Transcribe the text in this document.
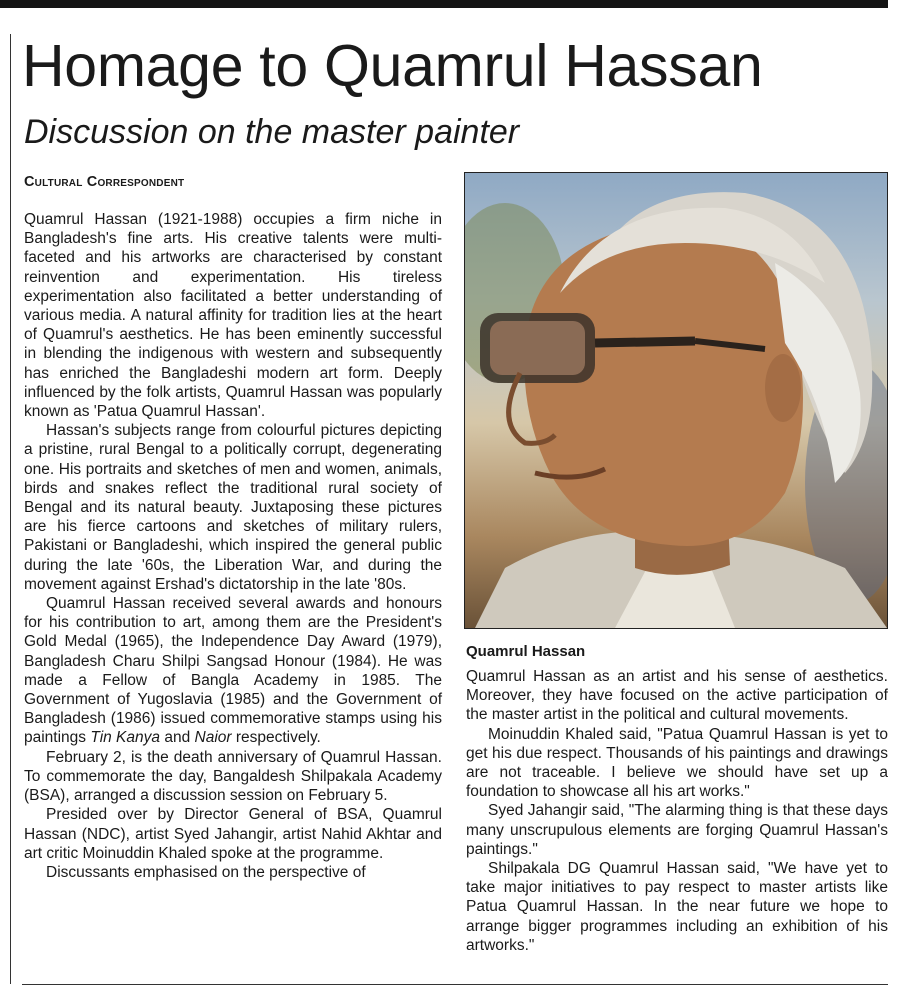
Homage to Quamrul Hassan
Discussion on the master painter
Cultural Correspondent

Quamrul Hassan (1921-1988) occupies a firm niche in Bangladesh's fine arts. His creative talents were multi-faceted and his artworks are characterised by constant reinvention and experimentation. His tireless experimentation also facilitated a better understanding of various media. A natural affinity for tradition lies at the heart of Quamrul's aesthetics. He has been eminently successful in blending the indigenous with western and subsequently has enriched the Bangladeshi modern art form. Deeply influenced by the folk artists, Quamrul Hassan was popularly known as 'Patua Quamrul Hassan'.

Hassan's subjects range from colourful pictures depicting a pristine, rural Bengal to a politically corrupt, degenerating one. His portraits and sketches of men and women, animals, birds and snakes reflect the traditional rural society of Bengal and its natural beauty. Juxtaposing these pictures are his fierce cartoons and sketches of military rulers, Pakistani or Bangladeshi, which inspired the general public during the late '60s, the Liberation War, and during the movement against Ershad's dictatorship in the late '80s.

Quamrul Hassan received several awards and honours for his contribution to art, among them are the President's Gold Medal (1965), the Independence Day Award (1979), Bangladesh Charu Shilpi Sangsad Honour (1984). He was made a Fellow of Bangla Academy in 1985. The Government of Yugoslavia (1985) and the Government of Bangladesh (1986) issued commemorative stamps using his paintings Tin Kanya and Naior respectively.

February 2, is the death anniversary of Quamrul Hassan. To commemorate the day, Bangaldesh Shilpakala Academy (BSA), arranged a discussion session on February 5.

Presided over by Director General of BSA, Quamrul Hassan (NDC), artist Syed Jahangir, artist Nahid Akhtar and art critic Moinuddin Khaled spoke at the programme.

Discussants emphasised on the perspective of

Quamrul Hassan

Quamrul Hassan as an artist and his sense of aesthetics. Moreover, they have focused on the active participation of the master artist in the political and cultural movements.

Moinuddin Khaled said, "Patua Quamrul Hassan is yet to get his due respect. Thousands of his paintings and drawings are not traceable. I believe we should have set up a foundation to showcase all his art works."

Syed Jahangir said, "The alarming thing is that these days many unscrupulous elements are forging Quamrul Hassan's paintings."

Shilpakala DG Quamrul Hassan said, "We have yet to take major initiatives to pay respect to master artists like Patua Quamrul Hassan. In the near future we hope to arrange bigger programmes including an exhibition of his artworks."
